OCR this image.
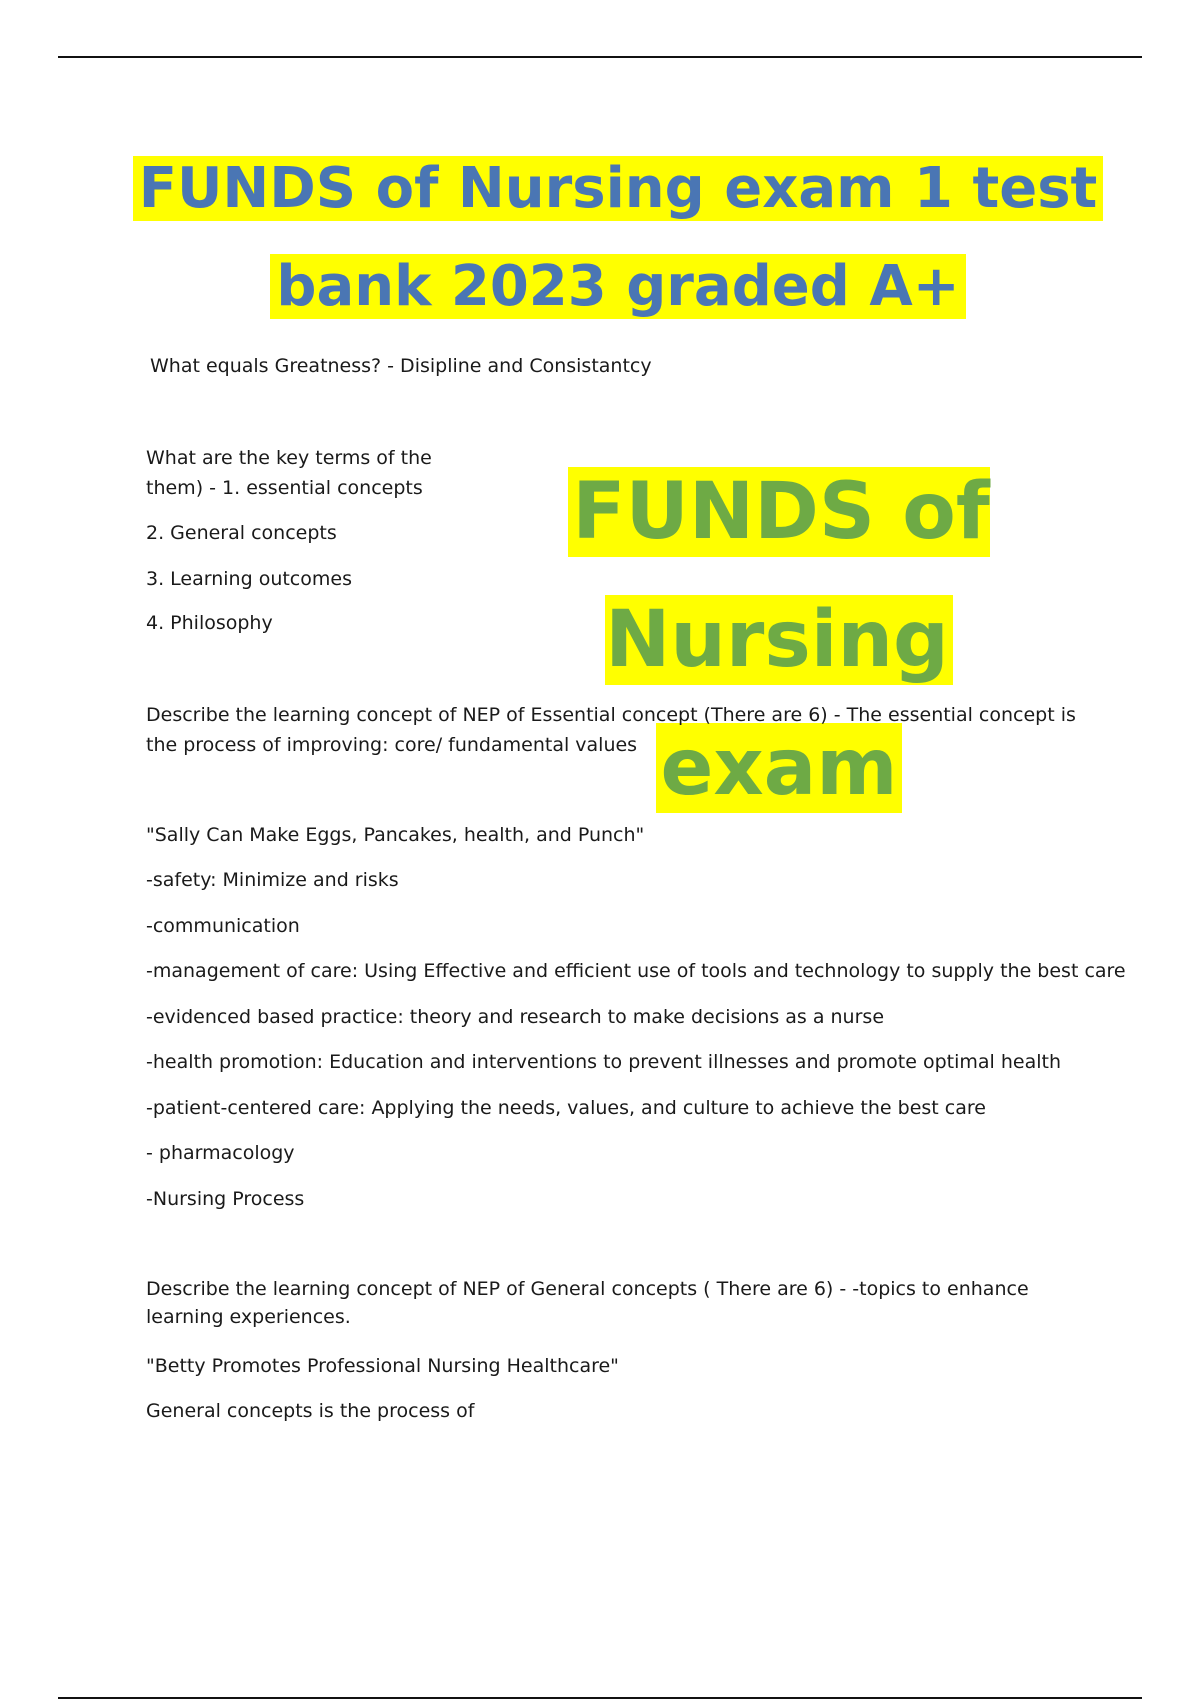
FUNDS of Nursing exam 1 test
bank 2023 graded A+
What equals Greatness? - Disipline and Consistantcy
What are the key terms of the
them) - 1. essential concepts
2. General concepts
3. Learning outcomes
4. Philosophy
FUNDS of Nursing
exam
Describe the learning concept of NEP of Essential concept (There are 6) - The essential concept is the process of improving: core/ fundamental values
"Sally Can Make Eggs, Pancakes, health, and Punch"
-safety: Minimize and risks
-communication
-management of care: Using Effective and efficient use of tools and technology to supply the best care
-evidenced based practice: theory and research to make decisions as a nurse
-health promotion: Education and interventions to prevent illnesses and promote optimal health
-patient-centered care: Applying the needs, values, and culture to achieve the best care
- pharmacology
-Nursing Process
Describe the learning concept of NEP of General concepts ( There are 6) - -topics to enhance learning experiences.
"Betty Promotes Professional Nursing Healthcare"
General concepts is the process of
